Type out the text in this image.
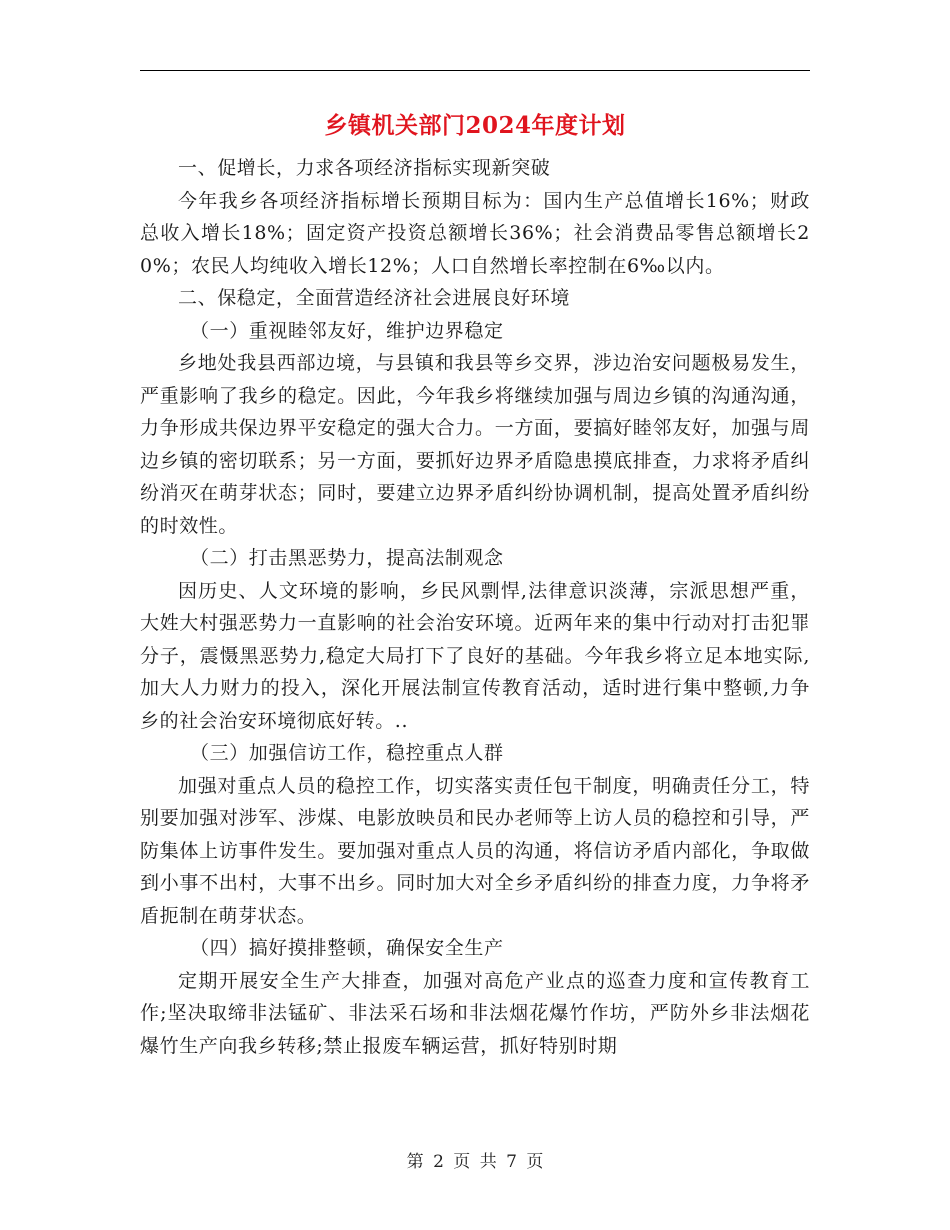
乡镇机关部门2024年度计划

一、促增长，力求各项经济指标实现新突破

今年我乡各项经济指标增长预期目标为：国内生产总值增长16%；财政总收入增长18%；固定资产投资总额增长36%；社会消费品零售总额增长20%；农民人均纯收入增长12%；人口自然增长率控制在6‰以内。

二、保稳定，全面营造经济社会进展良好环境

（一）重视睦邻友好，维护边界稳定

乡地处我县西部边境，与县镇和我县等乡交界，涉边治安问题极易发生，严重影响了我乡的稳定。因此，今年我乡将继续加强与周边乡镇的沟通沟通，力争形成共保边界平安稳定的强大合力。一方面，要搞好睦邻友好，加强与周边乡镇的密切联系；另一方面，要抓好边界矛盾隐患摸底排查，力求将矛盾纠纷消灭在萌芽状态；同时，要建立边界矛盾纠纷协调机制，提高处置矛盾纠纷的时效性。

（二）打击黑恶势力，提高法制观念

因历史、人文环境的影响，乡民风剽悍,法律意识淡薄，宗派思想严重，大姓大村强恶势力一直影响的社会治安环境。近两年来的集中行动对打击犯罪分子，震慑黑恶势力,稳定大局打下了良好的基础。今年我乡将立足本地实际,加大人力财力的投入，深化开展法制宣传教育活动，适时进行集中整顿,力争乡的社会治安环境彻底好转。..

（三）加强信访工作，稳控重点人群

加强对重点人员的稳控工作，切实落实责任包干制度，明确责任分工，特别要加强对涉军、涉煤、电影放映员和民办老师等上访人员的稳控和引导，严防集体上访事件发生。要加强对重点人员的沟通，将信访矛盾内部化，争取做到小事不出村，大事不出乡。同时加大对全乡矛盾纠纷的排查力度，力争将矛盾扼制在萌芽状态。

（四）搞好摸排整顿，确保安全生产

定期开展安全生产大排查，加强对高危产业点的巡查力度和宣传教育工作;坚决取缔非法锰矿、非法采石场和非法烟花爆竹作坊，严防外乡非法烟花爆竹生产向我乡转移;禁止报废车辆运营，抓好特别时期

第 2 页 共 7 页
